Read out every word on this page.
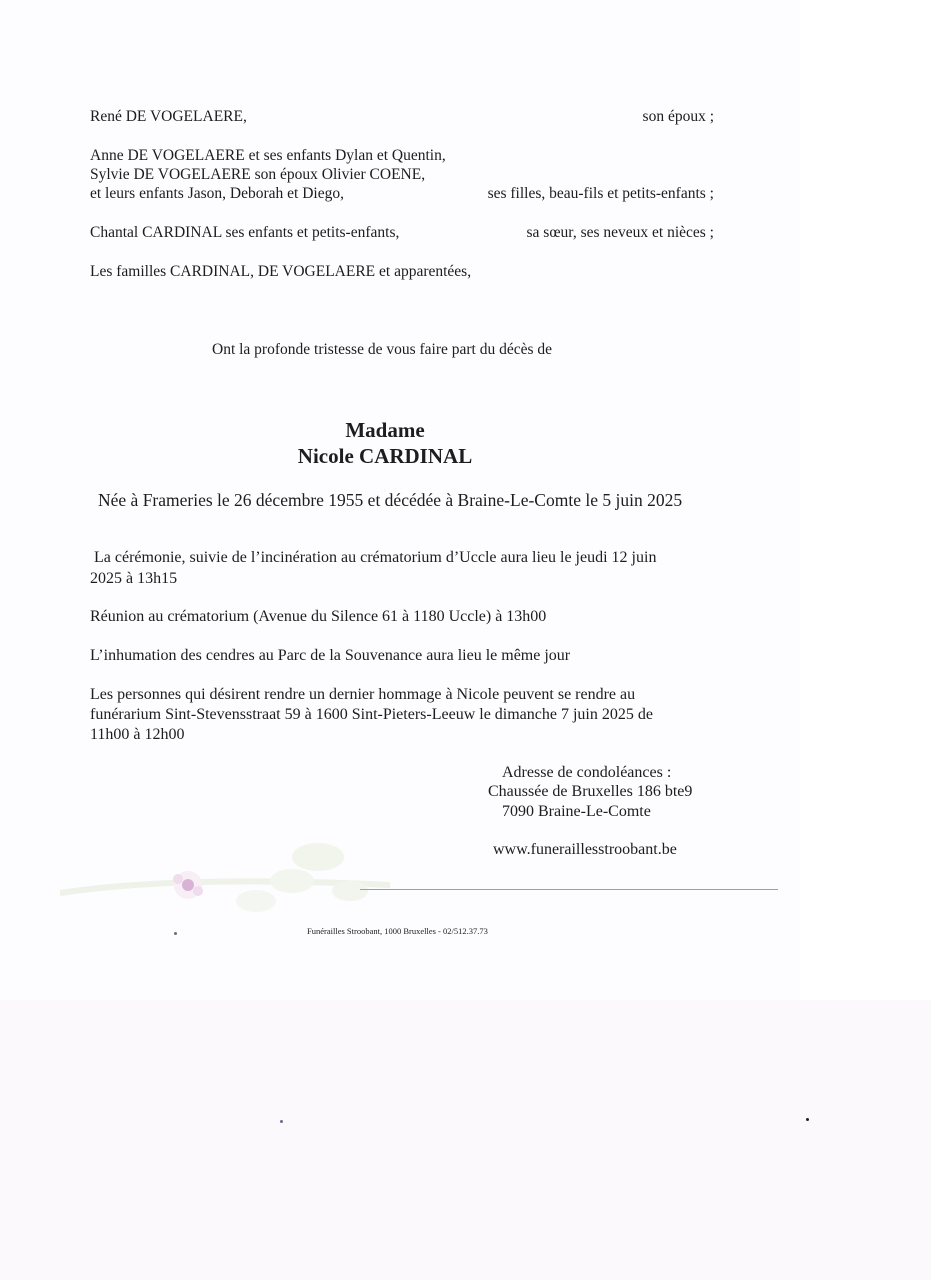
René DE VOGELAERE,	son époux ;
Anne DE VOGELAERE et ses enfants Dylan et Quentin,
Sylvie DE VOGELAERE son époux Olivier COENE,
et leurs enfants Jason, Deborah et Diego,	ses filles, beau-fils et petits-enfants ;
Chantal CARDINAL ses enfants et petits-enfants,	sa sœur, ses neveux et nièces ;
Les familles CARDINAL, DE VOGELAERE et apparentées,
Ont la profonde tristesse de vous faire part du décès de
Madame
Nicole CARDINAL
Née à Frameries le 26 décembre 1955 et décédée à Braine-Le-Comte le 5 juin 2025
La cérémonie, suivie de l’incinération au crématorium d’Uccle aura lieu le jeudi 12 juin
2025 à 13h15
Réunion au crématorium (Avenue du Silence 61 à 1180 Uccle) à 13h00
L’inhumation des cendres au Parc de la Souvenance aura lieu le même jour
Les personnes qui désirent rendre un dernier hommage à Nicole peuvent se rendre au
funérarium Sint-Stevensstraat 59 à 1600 Sint-Pieters-Leeuw le dimanche 7 juin 2025 de
11h00 à 12h00
Adresse de condoléances :
Chaussée de Bruxelles 186 bte9
7090 Braine-Le-Comte
www.funeraillesstroobant.be
Funérailles Stroobant, 1000 Bruxelles - 02/512.37.73
